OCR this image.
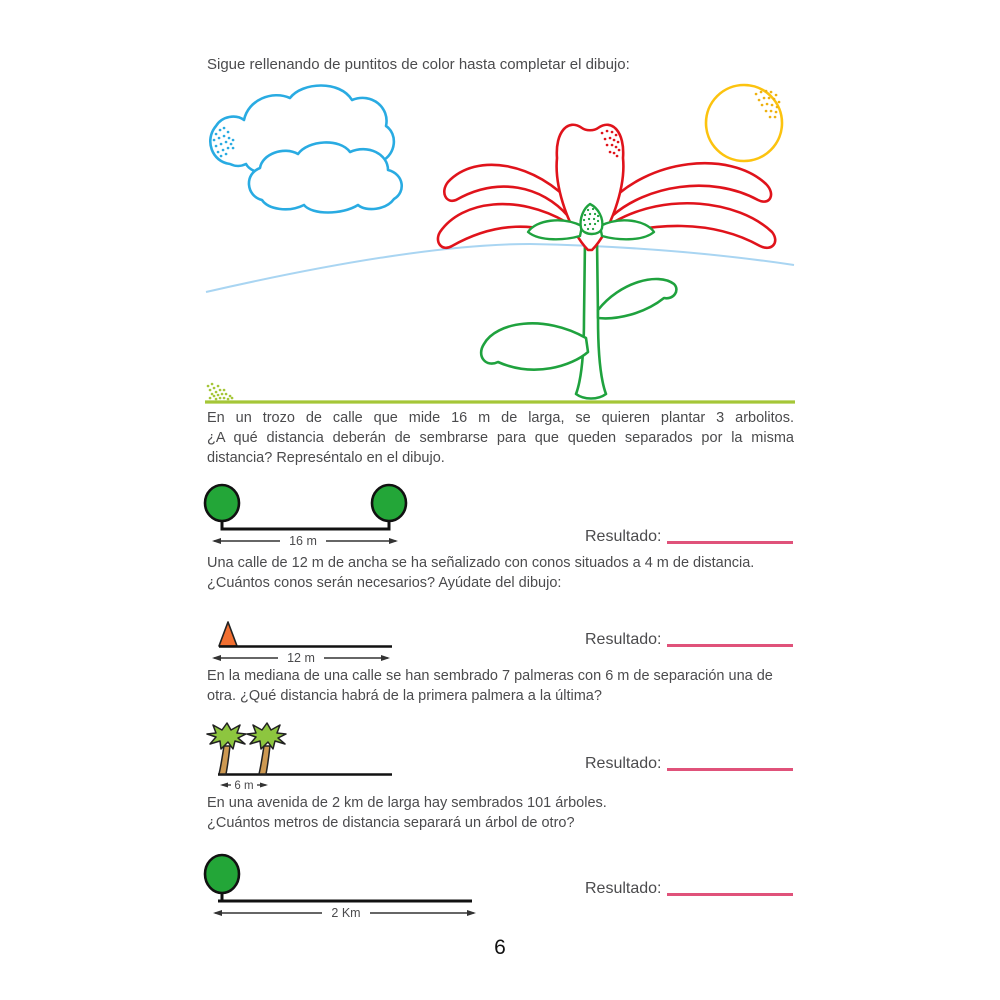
Sigue rellenando de puntitos de color hasta completar el dibujo:
En un trozo de calle que mide 16 m de larga, se quieren plantar 3 arbolitos.
¿A qué distancia deberán de sembrarse para que queden separados por la misma
distancia? Represéntalo en el dibujo.
16 m	Resultado:
Una calle de 12 m de ancha se ha señalizado con conos situados a 4 m de distancia.
¿Cuántos conos serán necesarios? Ayúdate del dibujo:
12 m
Resultado:
En la mediana de una calle se han sembrado 7 palmeras con 6 m de separación una de
otra. ¿Qué distancia habrá de la primera palmera a la última?
6 m
Resultado:
En una avenida de 2 km de larga hay sembrados 101 árboles.
¿Cuántos metros de distancia separará un árbol de otro?
2 Km
Resultado:
6
